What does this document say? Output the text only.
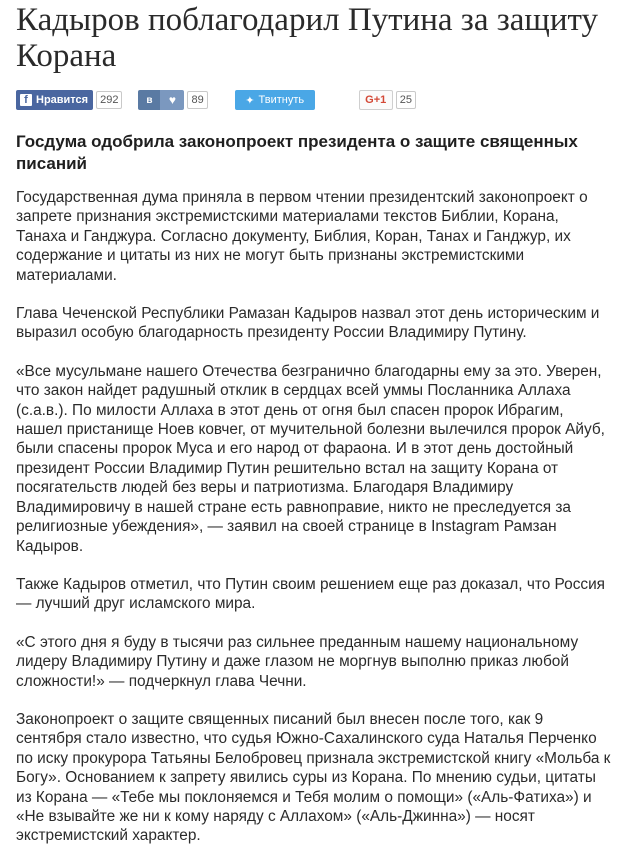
Кадыров поблагодарил Путина за защиту Корана
f Нравится	292	в ♥	89	✦ Твитнуть	G+1	25
Госдума одобрила законопроект президента о защите священных писаний

Государственная дума приняла в первом чтении президентский законопроект о запрете признания экстремистскими материалами текстов Библии, Корана, Танаха и Ганджура. Согласно документу, Библия, Коран, Танах и Ганджур, их содержание и цитаты из них не могут быть признаны экстремистскими материалами.

Глава Чеченской Республики Рамазан Кадыров назвал этот день историческим и выразил особую благодарность президенту России Владимиру Путину.

«Все мусульмане нашего Отечества безгранично благодарны ему за это. Уверен, что закон найдет радушный отклик в сердцах всей уммы Посланника Аллаха (с.а.в.). По милости Аллаха в этот день от огня был спасен пророк Ибрагим, нашел пристанище Ноев ковчег, от мучительной болезни вылечился пророк Айуб, были спасены пророк Муса и его народ от фараона. И в этот день достойный президент России Владимир Путин решительно встал на защиту Корана от посягательств людей без веры и патриотизма. Благодаря Владимиру Владимировичу в нашей стране есть равноправие, никто не преследуется за религиозные убеждения», — заявил на своей странице в Instagram Рамзан Кадыров.

Также Кадыров отметил, что Путин своим решением еще раз доказал, что Россия — лучший друг исламского мира.

«С этого дня я буду в тысячи раз сильнее преданным нашему национальному лидеру Владимиру Путину и даже глазом не моргнув выполню приказ любой сложности!» — подчеркнул глава Чечни.

Законопроект о защите священных писаний был внесен после того, как 9 сентября стало известно, что судья Южно-Сахалинского суда Наталья Перченко по иску прокурора Татьяны Белобровец признала экстремистской книгу «Мольба к Богу». Основанием к запрету явились суры из Корана. По мнению судьи, цитаты из Корана — «Тебе мы поклоняемся и Тебя молим о помощи» («Аль-Фатиха») и «Не взывайте же ни к кому наряду с Аллахом» («Аль-Джинна») — носят экстремистский характер.
